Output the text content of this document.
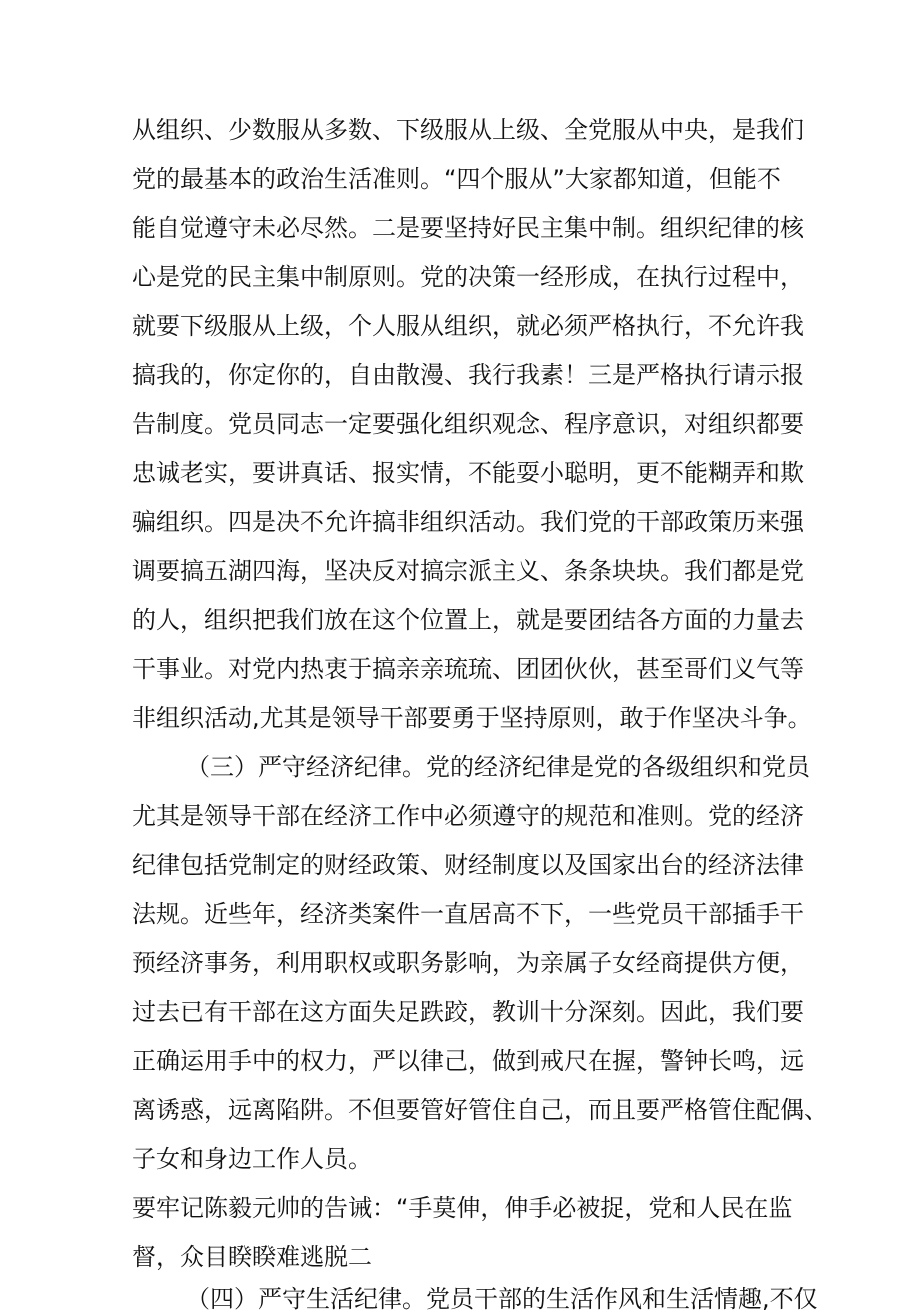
从组织、少数服从多数、下级服从上级、全党服从中央，是我们
党的最基本的政治生活准则。“四个服从”大家都知道，但能不
能自觉遵守未必尽然。二是要坚持好民主集中制。组织纪律的核
心是党的民主集中制原则。党的决策一经形成，在执行过程中，
就要下级服从上级，个人服从组织，就必须严格执行，不允许我
搞我的，你定你的，自由散漫、我行我素！三是严格执行请示报
告制度。党员同志一定要强化组织观念、程序意识，对组织都要
忠诚老实，要讲真话、报实情，不能耍小聪明，更不能糊弄和欺
骗组织。四是决不允许搞非组织活动。我们党的干部政策历来强
调要搞五湖四海，坚决反对搞宗派主义、条条块块。我们都是党
的人，组织把我们放在这个位置上，就是要团结各方面的力量去
干事业。对党内热衷于搞亲亲琉琉、团团伙伙，甚至哥们义气等
非组织活动,尤其是领导干部要勇于坚持原则，敢于作坚决斗争。
（三）严守经济纪律。党的经济纪律是党的各级组织和党员
尤其是领导干部在经济工作中必须遵守的规范和准则。党的经济
纪律包括党制定的财经政策、财经制度以及国家出台的经济法律
法规。近些年，经济类案件一直居高不下，一些党员干部插手干
预经济事务，利用职权或职务影响，为亲属子女经商提供方便，
过去已有干部在这方面失足跌跤，教训十分深刻。因此，我们要
正确运用手中的权力，严以律己，做到戒尺在握，警钟长鸣，远
离诱惑，远离陷阱。不但要管好管住自己，而且要严格管住配偶、
子女和身边工作人员。
要牢记陈毅元帅的告诫：“手莫伸，伸手必被捉，党和人民在监
督，众目睽睽难逃脱二
（四）严守生活纪律。党员干部的生活作风和生活情趣,不仅
